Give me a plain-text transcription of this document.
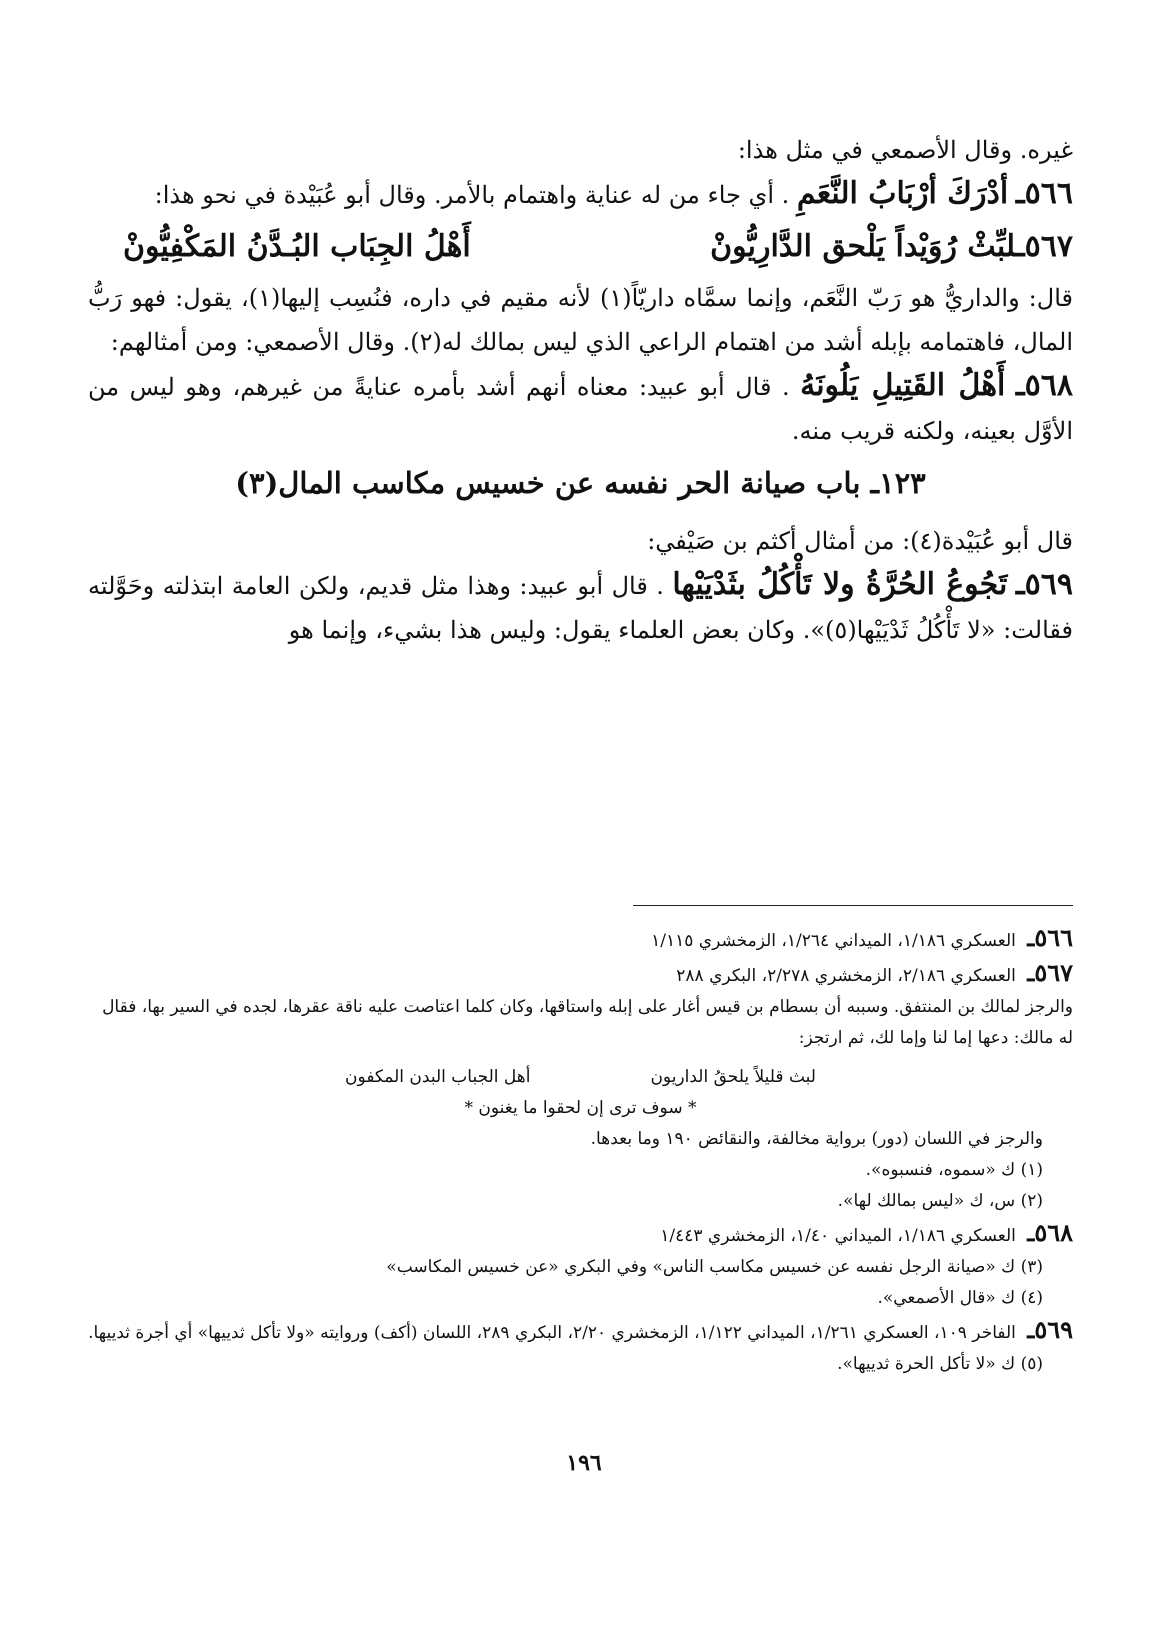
غيره. وقال الأصمعي في مثل هذا:

٥٦٦ـ أدْرَكَ أرْبَابُ النَّعَمِ . أي جاء من له عناية واهتمام بالأمر. وقال أبو عُبَيْدة في نحو هذا:

٥٦٧ـلبِّثْ رُوَيْداً يَلْحق الدَّارِيُّونْ
أَهْلُ الجِبَاب البُـدَّنُ المَكْفِيُّونْ

قال: والداريُّ هو رَبّ النَّعَم، وإنما سمَّاه داريّاً(١) لأنه مقيم في داره، فنُسِب إليها(١)، يقول: فهو رَبُّ المال، فاهتمامه بإبله أشد من اهتمام الراعي الذي ليس بمالك له(٢). وقال الأصمعي: ومن أمثالهم:

٥٦٨ـ أَهْلُ القَتِيلِ يَلُونَهُ . قال أبو عبيد: معناه أنهم أشد بأمره عنايةً من غيرهم، وهو ليس من الأوَّل بعينه، ولكنه قريب منه.

١٢٣ـ باب صيانة الحر نفسه عن خسيس مكاسب المال(٣)

قال أبو عُبَيْدة(٤): من أمثال أكثم بن صَيْفي:

٥٦٩ـ تَجُوعُ الحُرَّةُ ولا تَأْكُلُ بثَدْيَيْها . قال أبو عبيد: وهذا مثل قديم، ولكن العامة ابتذلته وحَوَّلته فقالت: «لا تَأْكُلُ ثَدْيَيْها(٥)». وكان بعض العلماء يقول: وليس هذا بشيء، وإنما هو

٥٦٦ـ العسكري ١/١٨٦، الميداني ١/٢٦٤، الزمخشري ١/١١٥

٥٦٧ـ العسكري ٢/١٨٦، الزمخشري ٢/٢٧٨، البكري ٢٨٨

والرجز لمالك بن المنتفق. وسببه أن بسطام بن قيس أغار على إبله واستاقها، وكان كلما اعتاصت عليه ناقة عقرها، لجده في السير بها، فقال له مالك: دعها إما لنا وإما لك، ثم ارتجز:

لبث قليلاً يلحقُ الداريون
أهل الجباب البدن المكفون

* سوف ترى إن لحقوا ما يغنون *

والرجز في اللسان (دور) برواية مخالفة، والنقائض ١٩٠ وما بعدها.

(١) ك «سموه، فنسبوه».

(٢) س، ك «ليس بمالك لها».

٥٦٨ـ العسكري ١/١٨٦، الميداني ١/٤٠، الزمخشري ١/٤٤٣

(٣) ك «صيانة الرجل نفسه عن خسيس مكاسب الناس» وفي البكري «عن خسيس المكاسب»

(٤) ك «قال الأصمعي».

٥٦٩ـ الفاخر ١٠٩، العسكري ١/٢٦١، الميداني ١/١٢٢، الزمخشري ٢/٢٠، البكري ٢٨٩، اللسان (أكف) وروايته «ولا تأكل ثدييها» أي أجرة ثدييها.

(٥) ك «لا تأكل الحرة ثدييها».

١٩٦
